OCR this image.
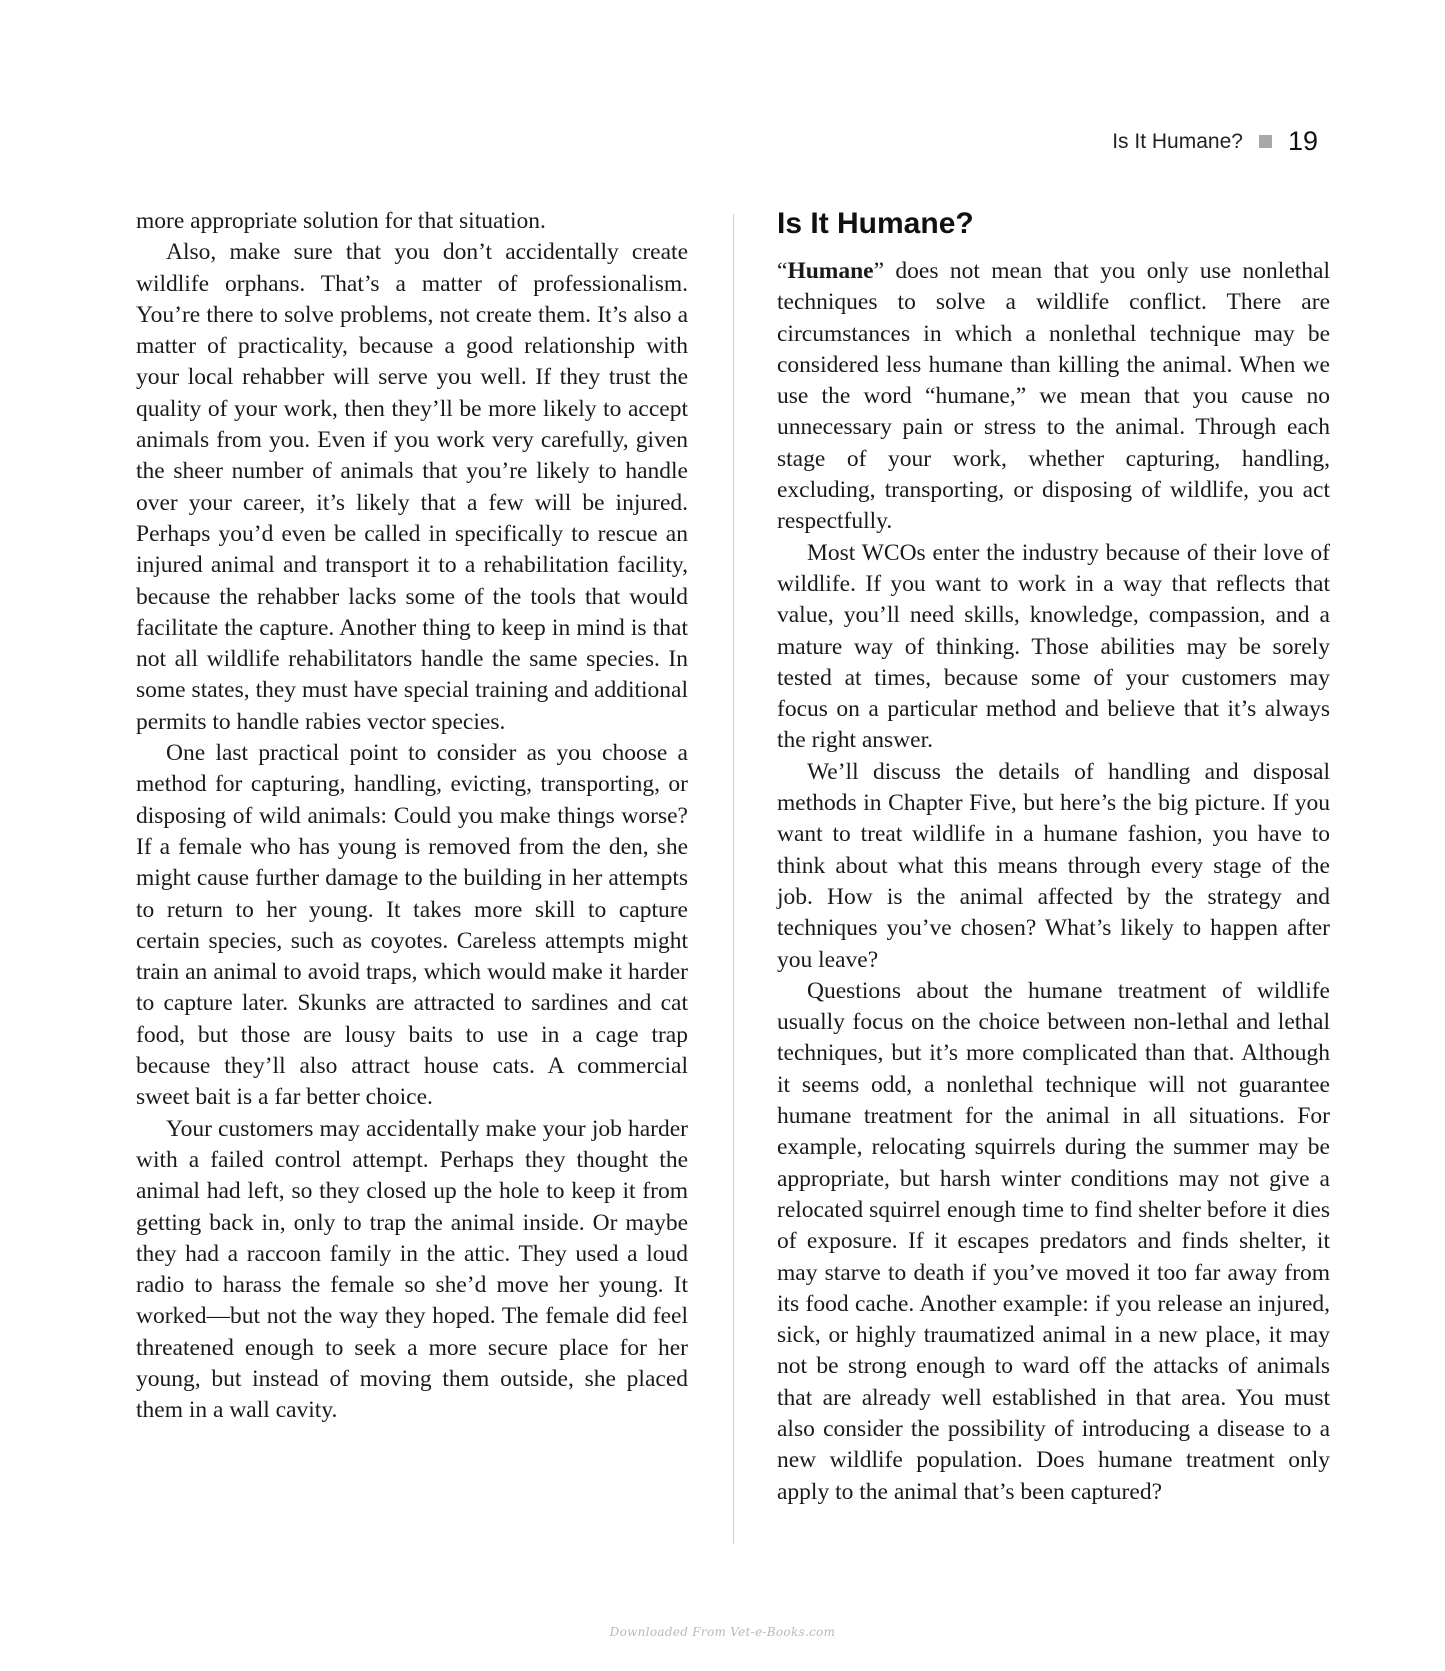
Is It Humane? 19

more appropriate solution for that situation.

Also, make sure that you don’t accidentally create wildlife orphans. That’s a matter of professionalism. You’re there to solve problems, not create them. It’s also a matter of practicality, because a good relationship with your local rehabber will serve you well. If they trust the quality of your work, then they’ll be more likely to accept animals from you. Even if you work very carefully, given the sheer number of animals that you’re likely to handle over your career, it’s likely that a few will be injured. Perhaps you’d even be called in specifically to rescue an injured animal and transport it to a rehabilitation facility, because the rehabber lacks some of the tools that would facilitate the capture. Another thing to keep in mind is that not all wildlife rehabilitators handle the same species. In some states, they must have special training and additional permits to handle rabies vector species.

One last practical point to consider as you choose a method for capturing, handling, evicting, transporting, or disposing of wild animals: Could you make things worse? If a female who has young is removed from the den, she might cause further damage to the building in her attempts to return to her young. It takes more skill to capture certain species, such as coyotes. Careless attempts might train an animal to avoid traps, which would make it harder to capture later. Skunks are attracted to sardines and cat food, but those are lousy baits to use in a cage trap because they’ll also attract house cats. A commercial sweet bait is a far better choice.

Your customers may accidentally make your job harder with a failed control attempt. Perhaps they thought the animal had left, so they closed up the hole to keep it from getting back in, only to trap the animal inside. Or maybe they had a raccoon family in the attic. They used a loud radio to harass the female so she’d move her young. It worked—but not the way they hoped. The female did feel threatened enough to seek a more secure place for her young, but instead of moving them outside, she placed them in a wall cavity.

Is It Humane?

“Humane” does not mean that you only use nonlethal techniques to solve a wildlife conflict. There are circumstances in which a nonlethal technique may be considered less humane than killing the animal. When we use the word “humane,” we mean that you cause no unnecessary pain or stress to the animal. Through each stage of your work, whether capturing, handling, excluding, transporting, or disposing of wildlife, you act respectfully.

Most WCOs enter the industry because of their love of wildlife. If you want to work in a way that reflects that value, you’ll need skills, knowledge, compassion, and a mature way of thinking. Those abilities may be sorely tested at times, because some of your customers may focus on a particular method and believe that it’s always the right answer.

We’ll discuss the details of handling and disposal methods in Chapter Five, but here’s the big picture. If you want to treat wildlife in a humane fashion, you have to think about what this means through every stage of the job. How is the animal affected by the strategy and techniques you’ve chosen? What’s likely to happen after you leave?

Questions about the humane treatment of wildlife usually focus on the choice between non-lethal and lethal techniques, but it’s more complicated than that. Although it seems odd, a nonlethal technique will not guarantee humane treatment for the animal in all situations. For example, relocating squirrels during the summer may be appropriate, but harsh winter conditions may not give a relocated squirrel enough time to find shelter before it dies of exposure. If it escapes predators and finds shelter, it may starve to death if you’ve moved it too far away from its food cache. Another example: if you release an injured, sick, or highly traumatized animal in a new place, it may not be strong enough to ward off the attacks of animals that are already well established in that area. You must also consider the possibility of introducing a disease to a new wildlife population. Does humane treatment only apply to the animal that’s been captured?

Downloaded From Vet-e-Books.com
